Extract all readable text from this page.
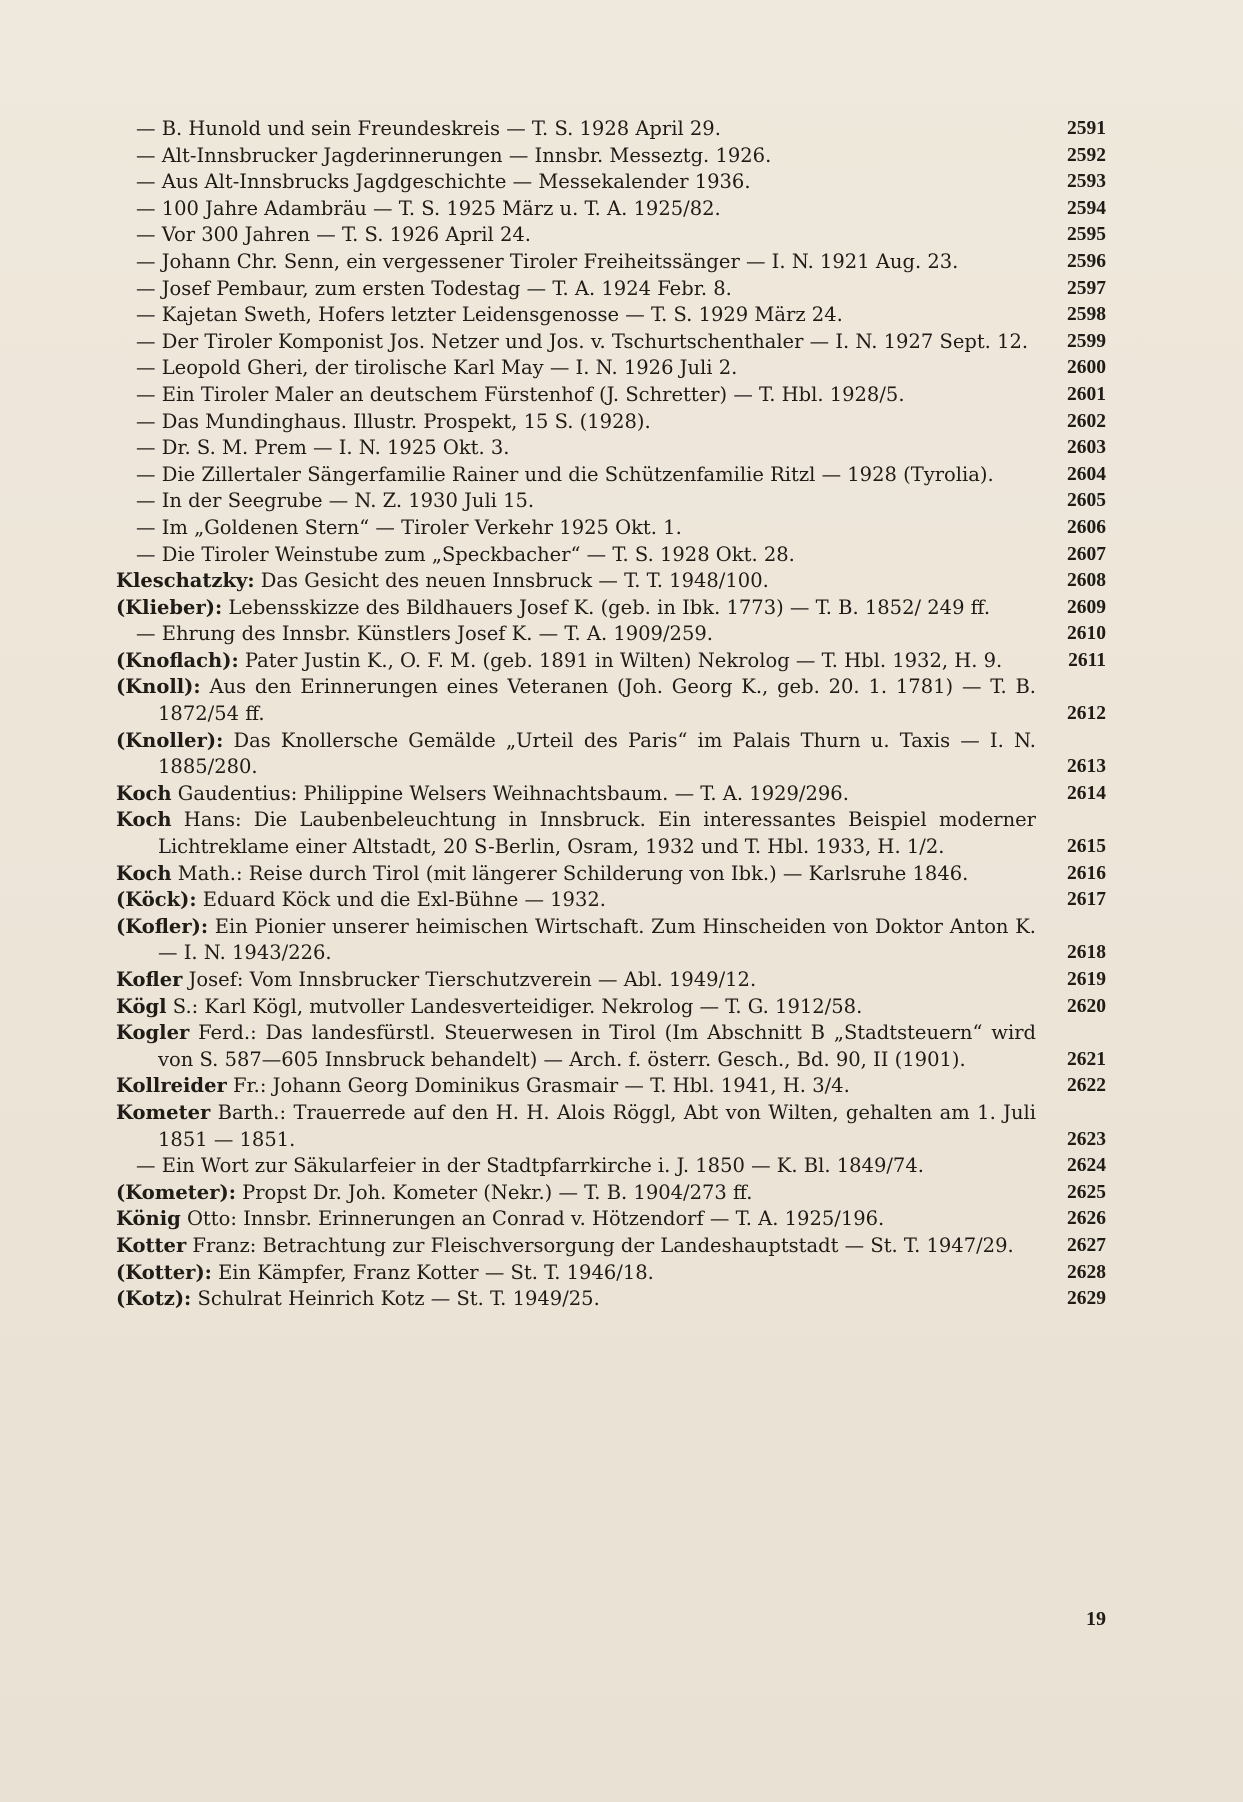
— B. Hunold und sein Freundeskreis — T. S. 1928 April 29.	2591

— Alt-Innsbrucker Jagderinnerungen — Innsbr. Messeztg. 1926.	2592

— Aus Alt-Innsbrucks Jagdgeschichte — Messekalender 1936.	2593

— 100 Jahre Adambräu — T. S. 1925 März u. T. A. 1925/82.	2594

— Vor 300 Jahren — T. S. 1926 April 24.	2595

— Johann Chr. Senn, ein vergessener Tiroler Freiheitssänger — I. N. 1921 Aug. 23.	2596

— Josef Pembaur, zum ersten Todestag — T. A. 1924 Febr. 8.	2597

— Kajetan Sweth, Hofers letzter Leidensgenosse — T. S. 1929 März 24.	2598

— Der Tiroler Komponist Jos. Netzer und Jos. v. Tschurtschenthaler — I. N. 1927 Sept. 12. 2599

— Leopold Gheri, der tirolische Karl May — I. N. 1926 Juli 2.	2600

— Ein Tiroler Maler an deutschem Fürstenhof (J. Schretter) — T. Hbl. 1928/5.	2601

— Das Mundinghaus. Illustr. Prospekt, 15 S. (1928).	2602

— Dr. S. M. Prem — I. N. 1925 Okt. 3.	2603

— Die Zillertaler Sängerfamilie Rainer und die Schützenfamilie Ritzl — 1928 (Tyrolia).	2604

— In der Seegrube — N. Z. 1930 Juli 15.	2605

— Im „Goldenen Stern“ — Tiroler Verkehr 1925 Okt. 1.	2606

— Die Tiroler Weinstube zum „Speckbacher“ — T. S. 1928 Okt. 28.	2607

Kleschatzky: Das Gesicht des neuen Innsbruck — T. T. 1948/100.	2608

(Klieber): Lebensskizze des Bildhauers Josef K. (geb. in Ibk. 1773) — T. B. 1852/ 249 ff.	2609

— Ehrung des Innsbr. Künstlers Josef K. — T. A. 1909/259.	2610

(Knoflach): Pater Justin K., O. F. M. (geb. 1891 in Wilten) Nekrolog — T. Hbl. 1932, H. 9.	2611

(Knoll): Aus den Erinnerungen eines Veteranen (Joh. Georg K., geb. 20. 1. 1781) — T. B. 1872/54 ff.	2612

(Knoller): Das Knollersche Gemälde „Urteil des Paris“ im Palais Thurn u. Taxis — I. N. 1885/280.	2613

Koch Gaudentius: Philippine Welsers Weihnachtsbaum. — T. A. 1929/296.	2614

Koch Hans: Die Laubenbeleuchtung in Innsbruck. Ein interessantes Beispiel moderner Lichtreklame einer Altstadt, 20 S-Berlin, Osram, 1932 und T. Hbl. 1933, H. 1/2.	2615

Koch Math.: Reise durch Tirol (mit längerer Schilderung von Ibk.) — Karlsruhe 1846.	2616

(Köck): Eduard Köck und die Exl-Bühne — 1932.	2617

(Kofler): Ein Pionier unserer heimischen Wirtschaft. Zum Hinscheiden von Doktor Anton K. — I. N. 1943/226.	2618

Kofler Josef: Vom Innsbrucker Tierschutzverein — Abl. 1949/12.	2619

Kögl S.: Karl Kögl, mutvoller Landesverteidiger. Nekrolog — T. G. 1912/58.	2620

Kogler Ferd.: Das landesfürstl. Steuerwesen in Tirol (Im Abschnitt B „Stadtsteuern“ wird von S. 587—605 Innsbruck behandelt) — Arch. f. österr. Gesch., Bd. 90, II (1901).	2621

Kollreider Fr.: Johann Georg Dominikus Grasmair — T. Hbl. 1941, H. 3/4.	2622

Kometer Barth.: Trauerrede auf den H. H. Alois Röggl, Abt von Wilten, gehalten am 1. Juli 1851 — 1851.	2623

— Ein Wort zur Säkularfeier in der Stadtpfarrkirche i. J. 1850 — K. Bl. 1849/74.	2624

(Kometer): Propst Dr. Joh. Kometer (Nekr.) — T. B. 1904/273 ff.	2625

König Otto: Innsbr. Erinnerungen an Conrad v. Hötzendorf — T. A. 1925/196.	2626

Kotter Franz: Betrachtung zur Fleischversorgung der Landeshauptstadt — St. T. 1947/29.	2627

(Kotter): Ein Kämpfer, Franz Kotter — St. T. 1946/18.	2628

(Kotz): Schulrat Heinrich Kotz — St. T. 1949/25.	2629

19
